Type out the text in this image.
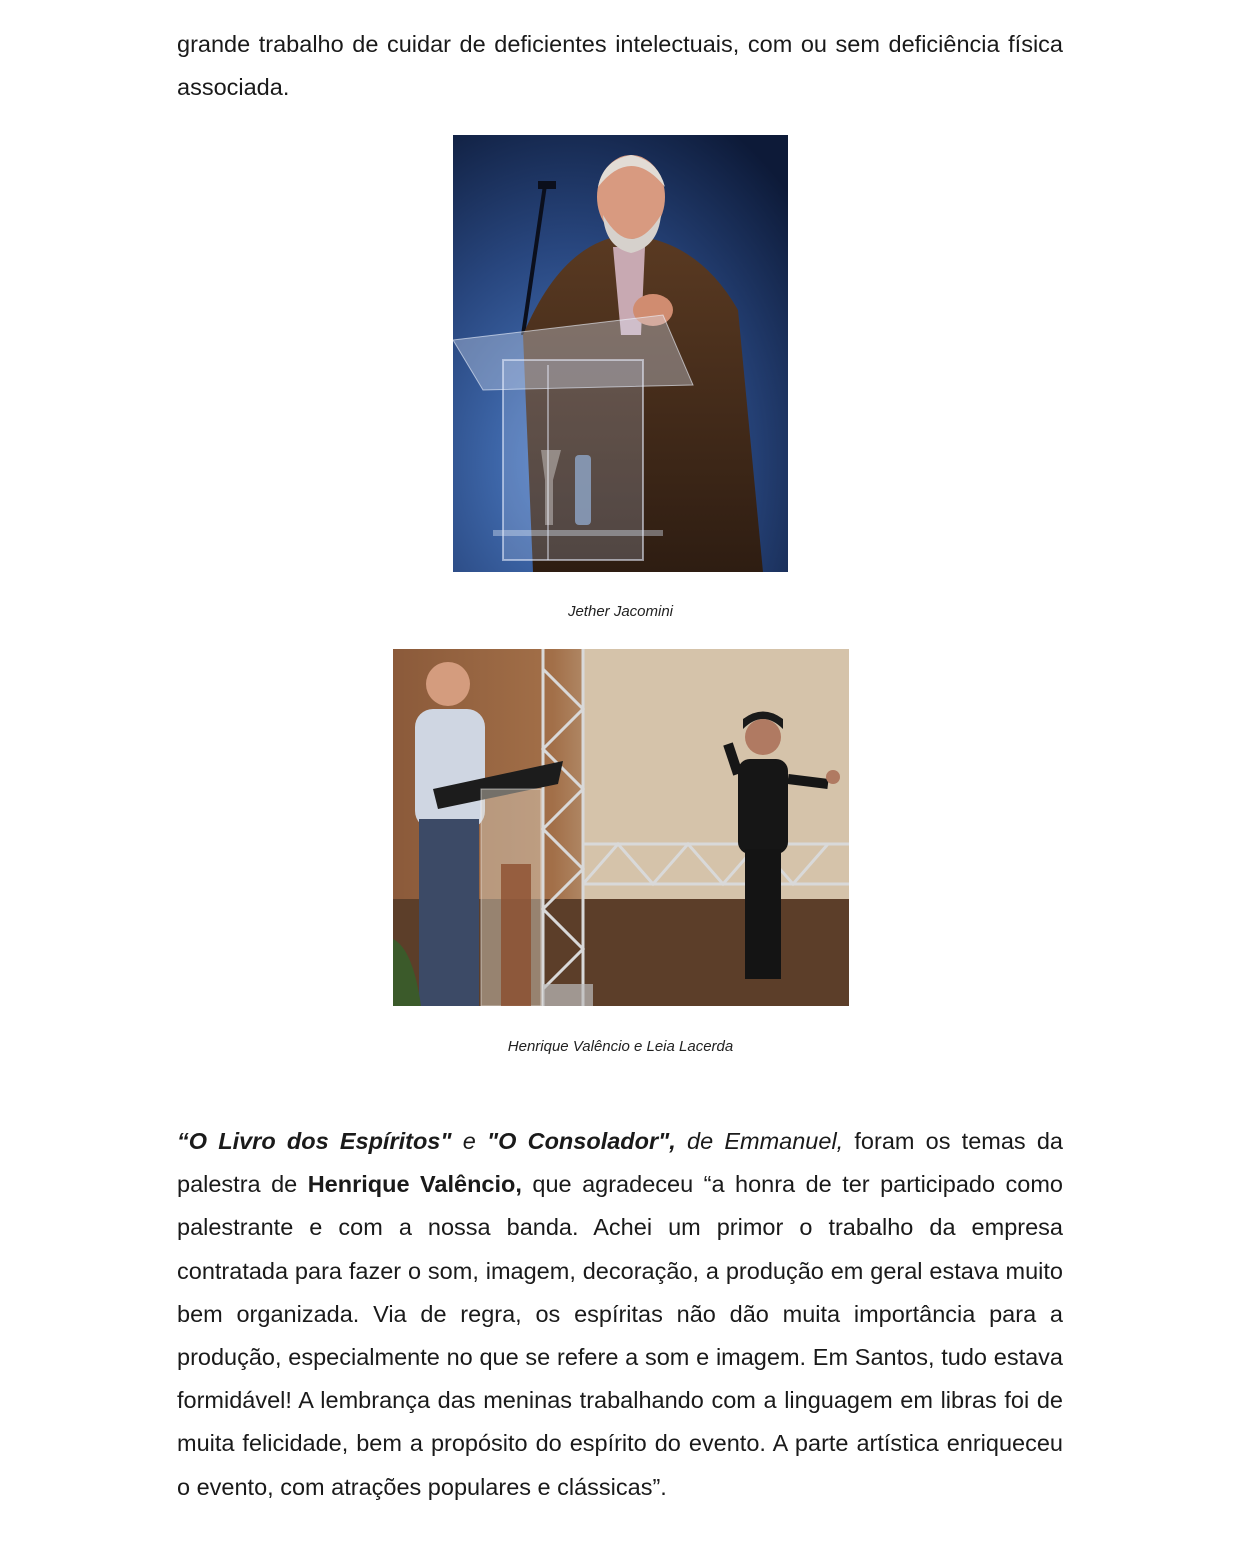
grande trabalho de cuidar de deficientes intelectuais, com ou sem deficiência física associada.

Jether Jacomini
Henrique Valêncio e Leia Lacerda

“O Livro dos Espíritos" e "O Consolador", de Emmanuel, foram os temas da palestra de Henrique Valêncio, que agradeceu “a honra de ter participado como palestrante e com a nossa banda. Achei um primor o trabalho da empresa contratada para fazer o som, imagem, decoração, a produção em geral estava muito bem organizada. Via de regra, os espíritas não dão muita importância para a produção, especialmente no que se refere a som e imagem. Em Santos, tudo estava formidável! A lembrança das meninas trabalhando com a linguagem em libras foi de muita felicidade, bem a propósito do espírito do evento. A parte artística enriqueceu o evento, com atrações populares e clássicas”.
